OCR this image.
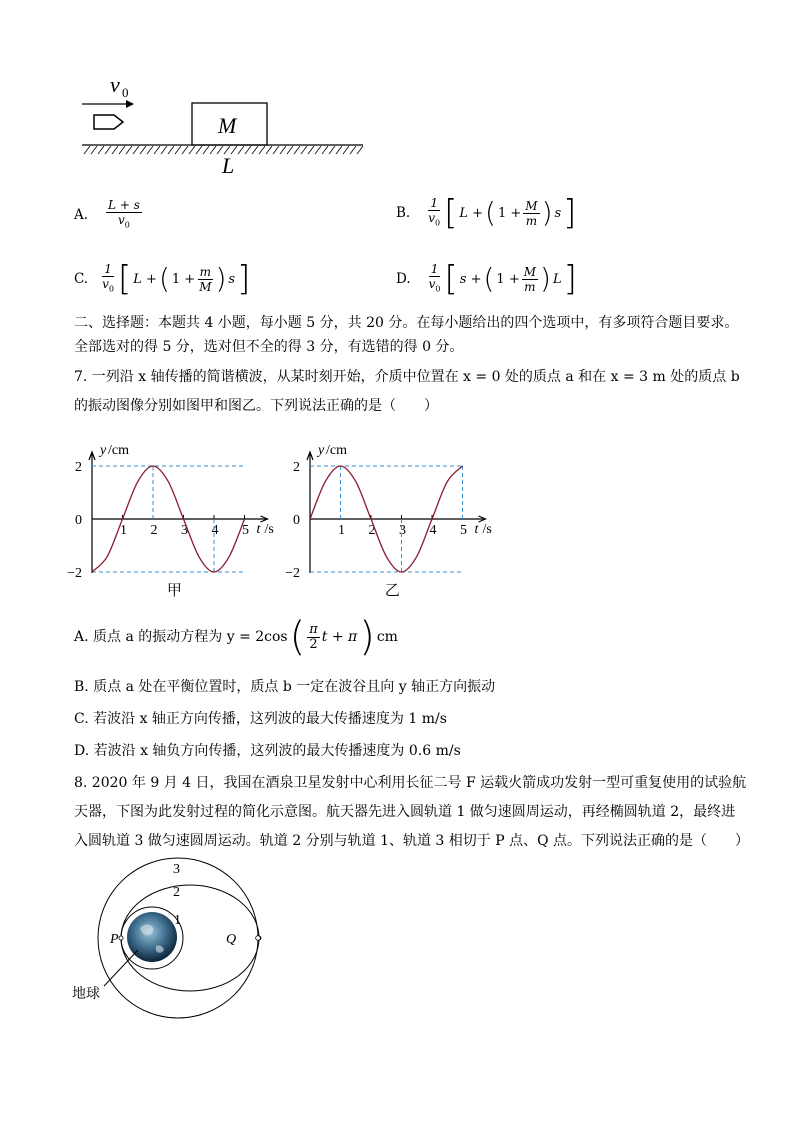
v 0
M
L
A. $\frac{L + s}{v_0}$	B. $\frac{1}{v_0}$ [ L + ( $1 + \frac{M}{m}$ ) s ]
C. $\frac{1}{v_0}$ [ L + ( $1 + \frac{m}{M}$ ) s ]	D. $\frac{1}{v_0}$ [ s + ( $1 + \frac{M}{m}$ ) L ]
二、选择题：本题共 4 小题，每小题 5 分，共 20 分。在每小题给出的四个选项中，有多项符合题目要求。
全部选对的得 5 分，选对但不全的得 3 分，有选错的得 0 分。
7. 一列沿 x 轴传播的简谐横波，从某时刻开始，介质中位置在 x = 0 处的质点 a 和在 x = 3 m 处的质点 b
的振动图像分别如图甲和图乙。下列说法正确的是（　　）
2
0
−2
1 2 3 4 5
y /cm
t /s
甲
2
0
−2
1 2 3 4 5
y /cm
t /s
乙
A. 质点 a 的振动方程为 y = 2cos ( $\frac{\pi}{2}$ t + π ) cm
B. 质点 a 处在平衡位置时，质点 b 一定在波谷且向 y 轴正方向振动
C. 若波沿 x 轴正方向传播，这列波的最大传播速度为 1 m/s
D. 若波沿 x 轴负方向传播，这列波的最大传播速度为 0.6 m/s
8. 2020 年 9 月 4 日，我国在酒泉卫星发射中心利用长征二号 F 运载火箭成功发射一型可重复使用的试验航
天器，下图为此发射过程的简化示意图。航天器先进入圆轨道 1 做匀速圆周运动，再经椭圆轨道 2，最终进
入圆轨道 3 做匀速圆周运动。轨道 2 分别与轨道 1、轨道 3 相切于 P 点、Q 点。下列说法正确的是（　　）
3
2
1
P	Q
地球
